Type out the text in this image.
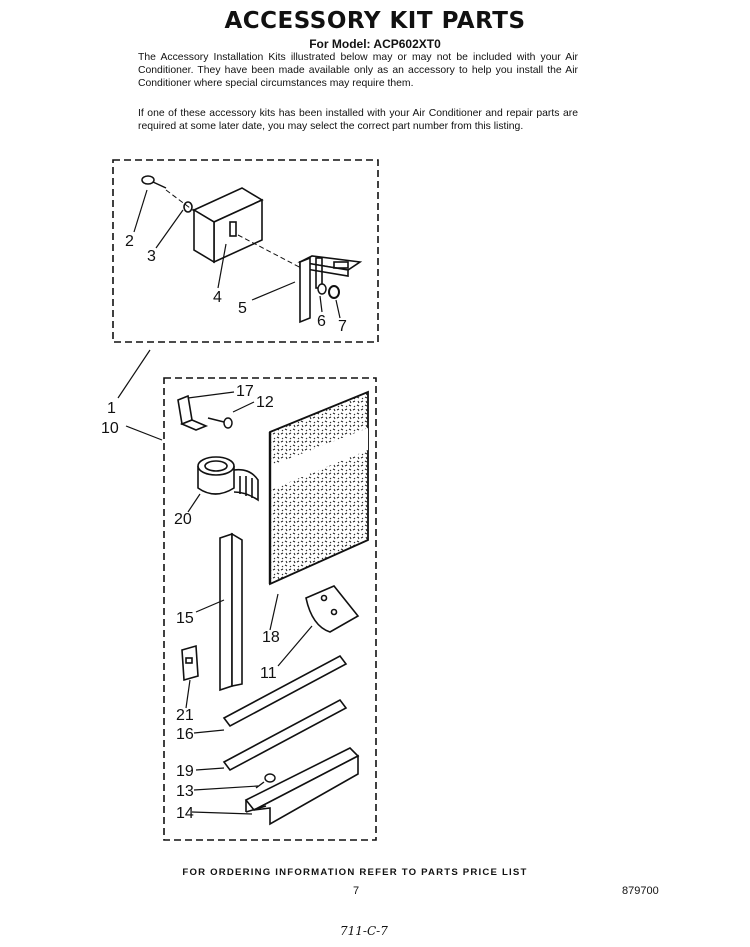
ACCESSORY KIT PARTS
For Model: ACP602XT0
The Accessory Installation Kits illustrated below may or may not be included with your Air Conditioner. They have been made available only as an accessory to help you install the Air Conditioner where special circumstances may require them.
If one of these accessory kits has been installed with your Air Conditioner and repair parts are required at some later date, you may select the correct part number from this listing.
1
2
3
4
5
6 7
10
11
12
13
14
15
16
17
18
19
20
21
FOR ORDERING INFORMATION REFER TO PARTS PRICE LIST
7	879700
711-C-7
